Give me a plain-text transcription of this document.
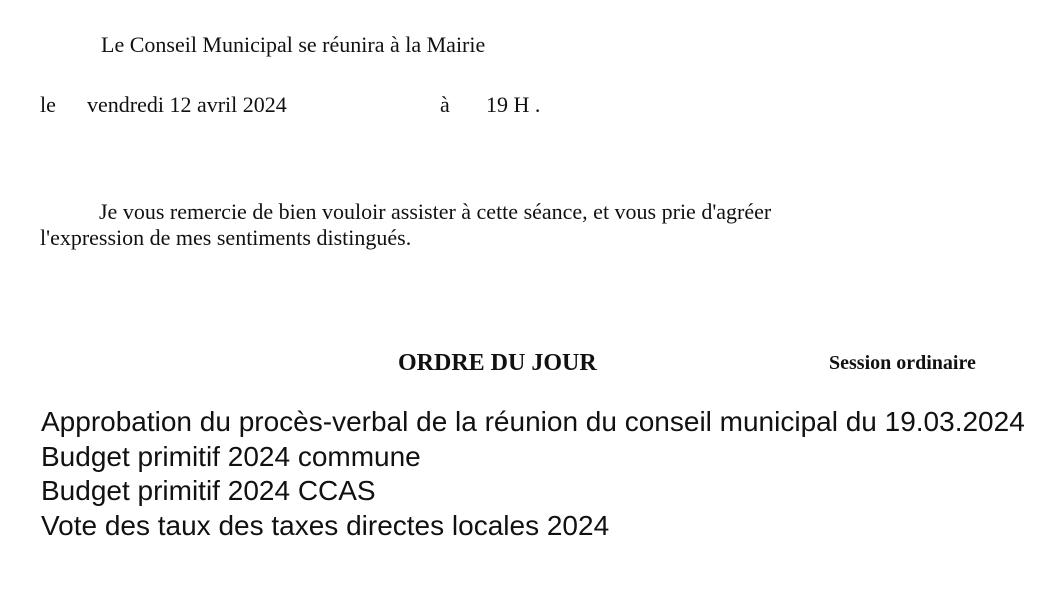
Le Conseil Municipal se réunira à la Mairie
le vendredi 12 avril 2024	à 19 H .
Je vous remercie de bien vouloir assister à cette séance, et vous prie d'agréer
l'expression de mes sentiments distingués.
ORDRE DU JOUR	Session ordinaire
Approbation du procès-verbal de la réunion du conseil municipal du 19.03.2024
Budget primitif 2024 commune
Budget primitif 2024 CCAS
Vote des taux des taxes directes locales 2024
